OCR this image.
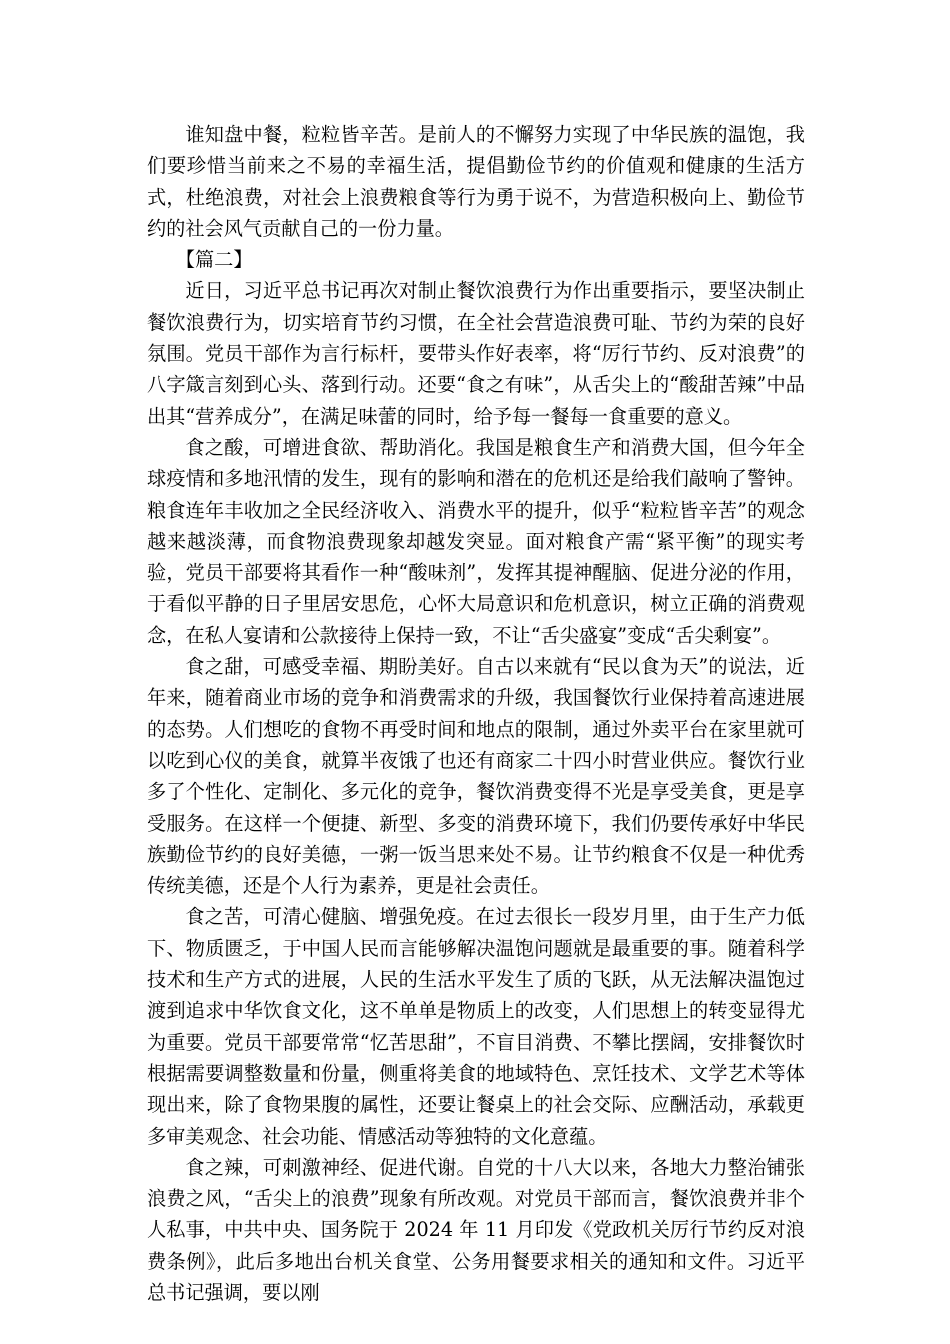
谁知盘中餐，粒粒皆辛苦。是前人的不懈努力实现了中华民族的温饱，我们要珍惜当前来之不易的幸福生活，提倡勤俭节约的价值观和健康的生活方式，杜绝浪费，对社会上浪费粮食等行为勇于说不，为营造积极向上、勤俭节约的社会风气贡献自己的一份力量。

【篇二】

近日，习近平总书记再次对制止餐饮浪费行为作出重要指示，要坚决制止餐饮浪费行为，切实培育节约习惯，在全社会营造浪费可耻、节约为荣的良好氛围。党员干部作为言行标杆，要带头作好表率，将“厉行节约、反对浪费”的八字箴言刻到心头、落到行动。还要“食之有味”，从舌尖上的“酸甜苦辣”中品出其“营养成分”，在满足味蕾的同时，给予每一餐每一食重要的意义。

食之酸，可增进食欲、帮助消化。我国是粮食生产和消费大国，但今年全球疫情和多地汛情的发生，现有的影响和潜在的危机还是给我们敲响了警钟。粮食连年丰收加之全民经济收入、消费水平的提升，似乎“粒粒皆辛苦”的观念越来越淡薄，而食物浪费现象却越发突显。面对粮食产需“紧平衡”的现实考验，党员干部要将其看作一种“酸味剂”，发挥其提神醒脑、促进分泌的作用，于看似平静的日子里居安思危，心怀大局意识和危机意识，树立正确的消费观念，在私人宴请和公款接待上保持一致，不让“舌尖盛宴”变成“舌尖剩宴”。

食之甜，可感受幸福、期盼美好。自古以来就有“民以食为天”的说法，近年来，随着商业市场的竞争和消费需求的升级，我国餐饮行业保持着高速进展的态势。人们想吃的食物不再受时间和地点的限制，通过外卖平台在家里就可以吃到心仪的美食，就算半夜饿了也还有商家二十四小时营业供应。餐饮行业多了个性化、定制化、多元化的竞争，餐饮消费变得不光是享受美食，更是享受服务。在这样一个便捷、新型、多变的消费环境下，我们仍要传承好中华民族勤俭节约的良好美德，一粥一饭当思来处不易。让节约粮食不仅是一种优秀传统美德，还是个人行为素养，更是社会责任。

食之苦，可清心健脑、增强免疫。在过去很长一段岁月里，由于生产力低下、物质匮乏，于中国人民而言能够解决温饱问题就是最重要的事。随着科学技术和生产方式的进展，人民的生活水平发生了质的飞跃，从无法解决温饱过渡到追求中华饮食文化，这不单单是物质上的改变，人们思想上的转变显得尤为重要。党员干部要常常“忆苦思甜”，不盲目消费、不攀比摆阔，安排餐饮时根据需要调整数量和份量，侧重将美食的地域特色、烹饪技术、文学艺术等体现出来，除了食物果腹的属性，还要让餐桌上的社会交际、应酬活动，承载更多审美观念、社会功能、情感活动等独特的文化意蕴。

食之辣，可刺激神经、促进代谢。自党的十八大以来，各地大力整治铺张浪费之风，“舌尖上的浪费”现象有所改观。对党员干部而言，餐饮浪费并非个人私事，中共中央、国务院于 2024 年 11 月印发《党政机关厉行节约反对浪费条例》，此后多地出台机关食堂、公务用餐要求相关的通知和文件。习近平总书记强调，要以刚
